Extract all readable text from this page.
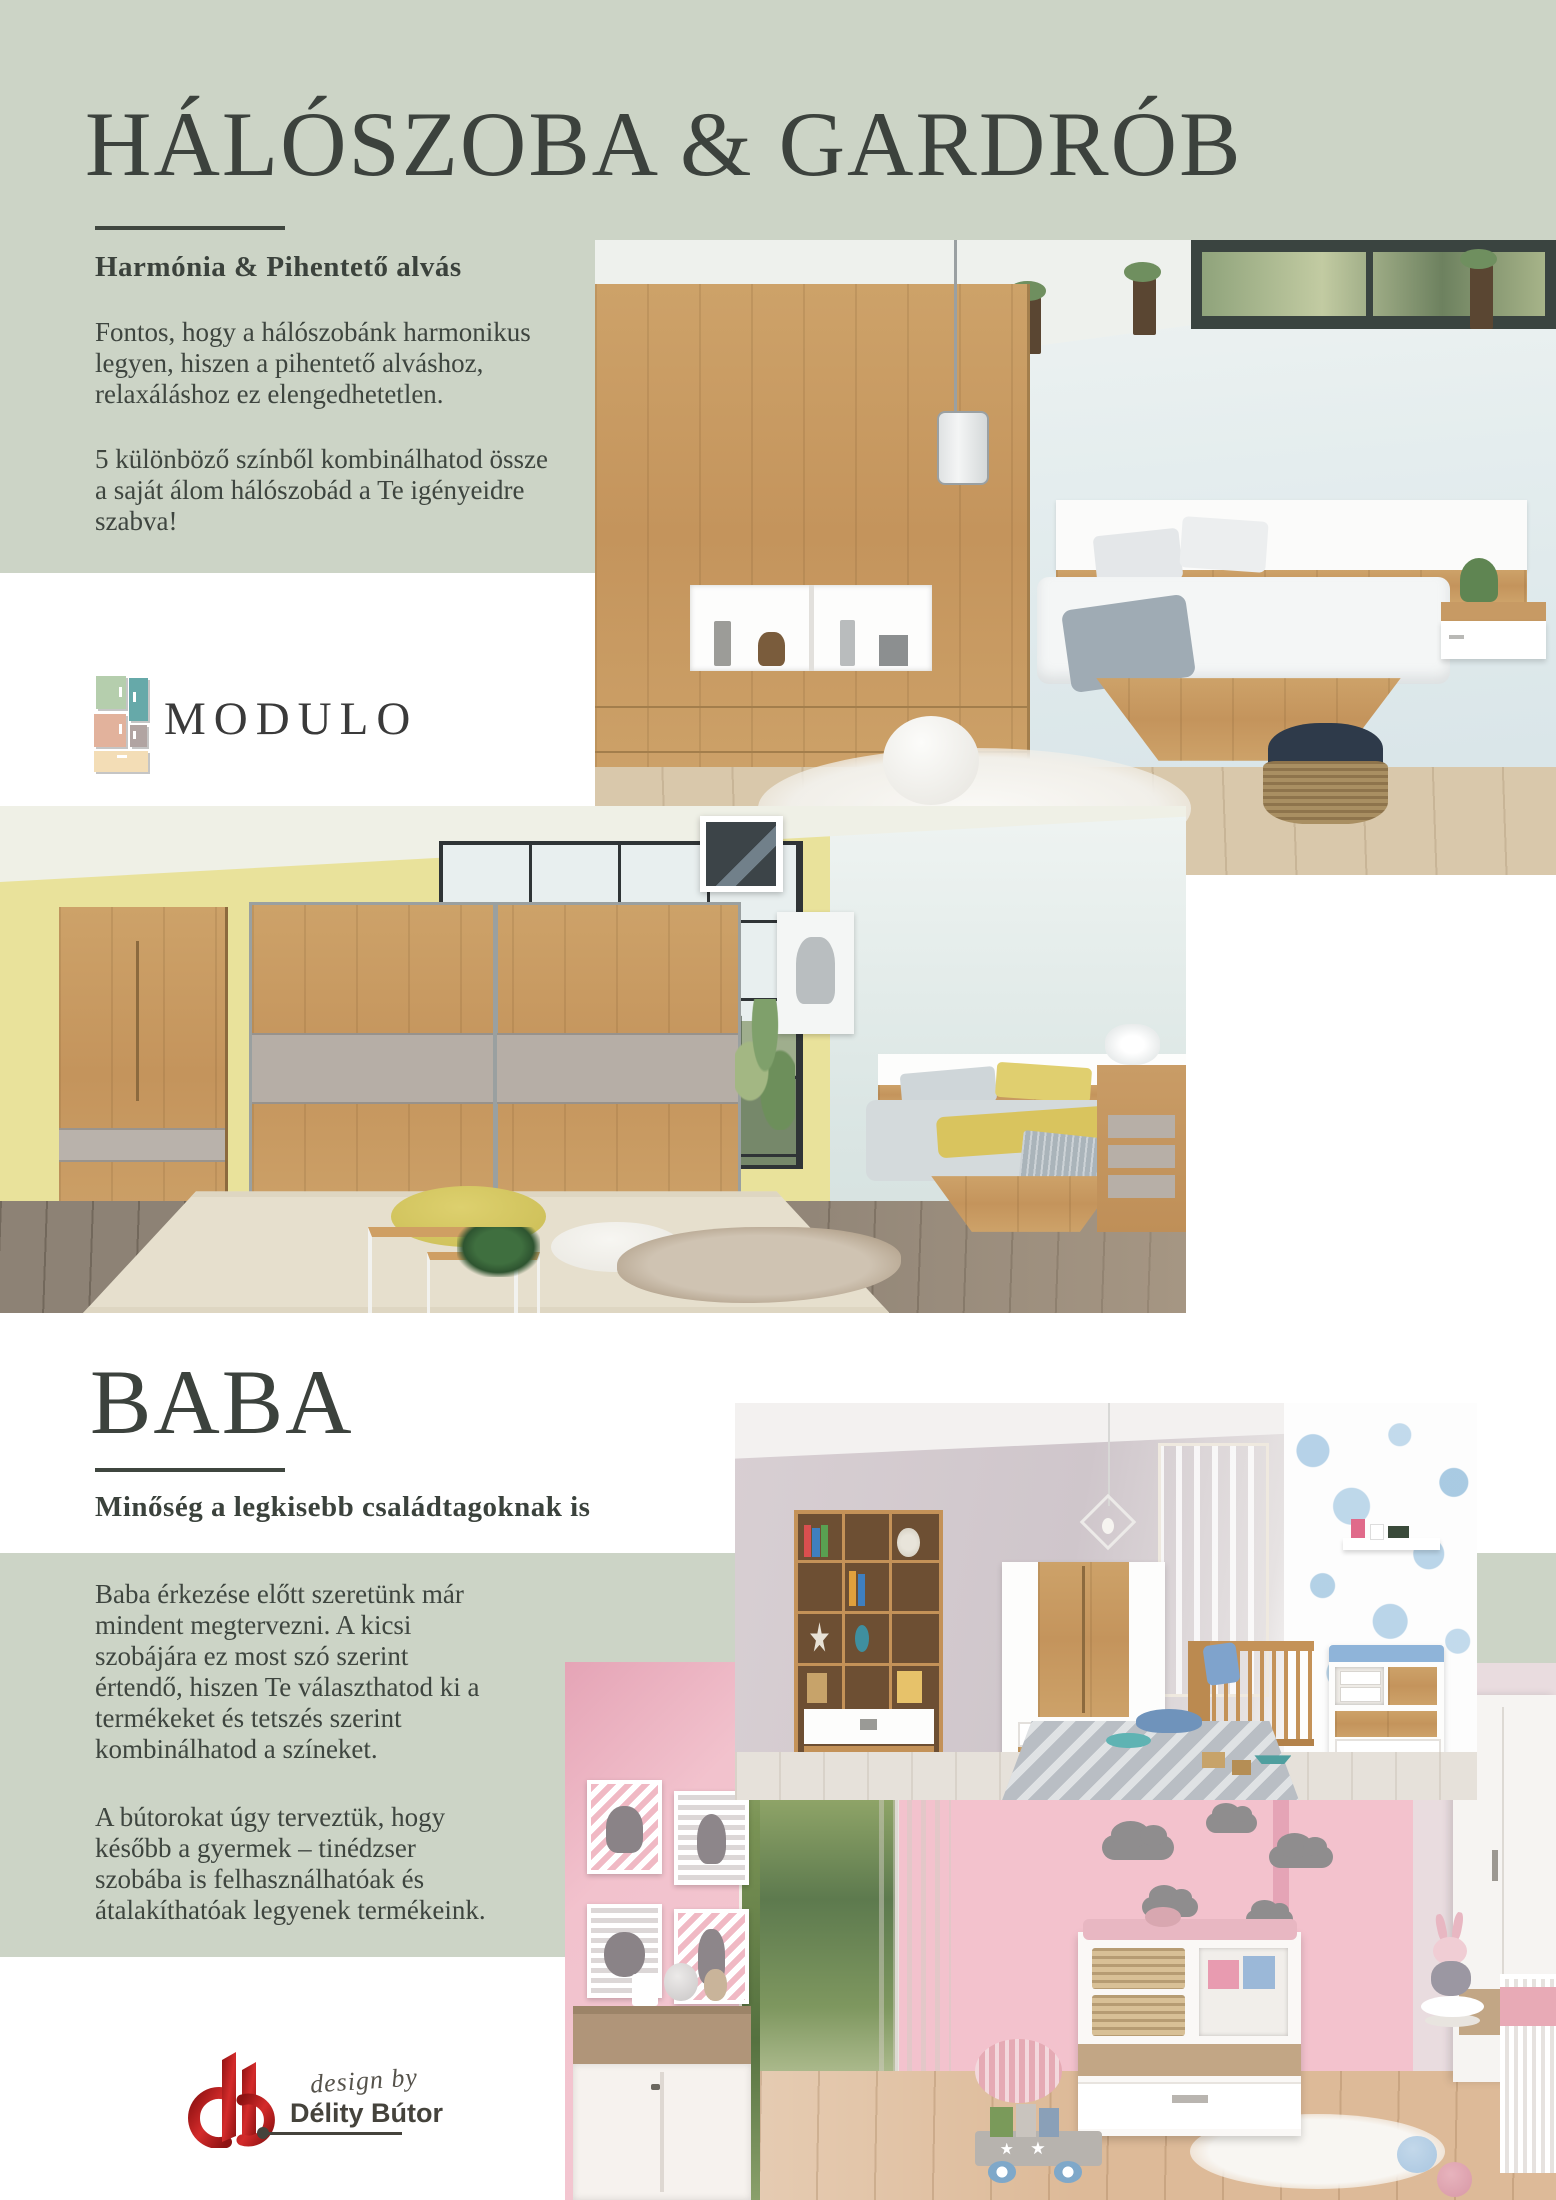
HÁLÓSZOBA & GARDRÓB
Harmónia & Pihentető alvás
Fontos, hogy a hálószobánk harmonikus
legyen, hiszen a pihentető alváshoz,
relaxáláshoz ez elengedhetetlen.
5 különböző színből kombinálhatod össze
a saját álom hálószobád a Te igényeidre
szabva!
MODULO
BABA
Minőség a legkisebb családtagoknak is
Baba érkezése előtt szeretünk már
mindent megtervezni. A kicsi
szobájára ez most szó szerint
értendő, hiszen Te választhatod ki a
termékeket és tetszés szerint
kombinálhatod a színeket.
A bútorokat úgy terveztük, hogy
később a gyermek – tinédzser
szobába is felhasználhatóak és
átalakíthatóak legyenek termékeink.
design by
Délity Bútor
